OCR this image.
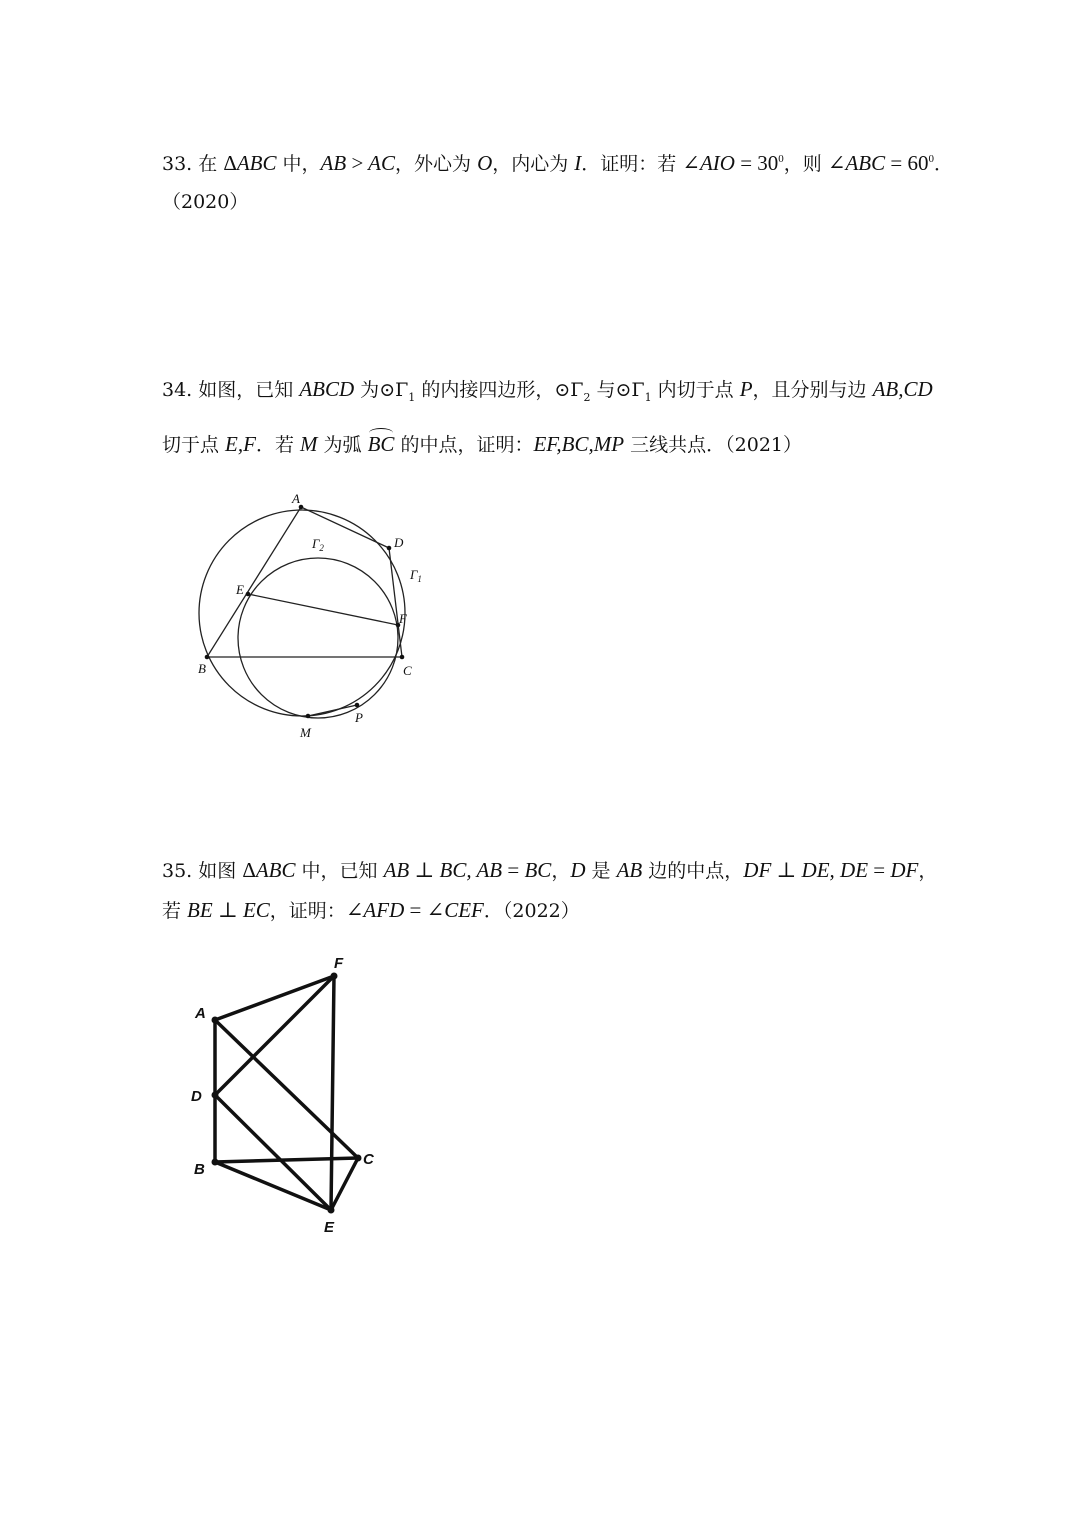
33. 在 ΔABC 中，AB > AC，外心为 O，内心为 I．证明：若 ∠AIO = $30^0$，则 ∠ABC = $60^0$．
（2020）
34. 如图，已知 ABCD 为$⊙\Gamma_1$ 的内接四边形，$⊙\Gamma_2$ 与$⊙\Gamma_1$ 内切于点 P，且分别与边 AB,CD
切于点 E,F．若 M 为弧 BC 的中点，证明：EF,BC,MP 三线共点．（2021）
A
D
E
F
B	C
M
P
$\Gamma_2$
$\Gamma_1$
35. 如图 ΔABC 中，已知 AB ⊥ BC, AB = BC，D 是 AB 边的中点，DF ⊥ DE, DE = DF，
若 BE ⊥ EC，证明：∠AFD = ∠CEF．（2022）
F
A
D
B
C
E
